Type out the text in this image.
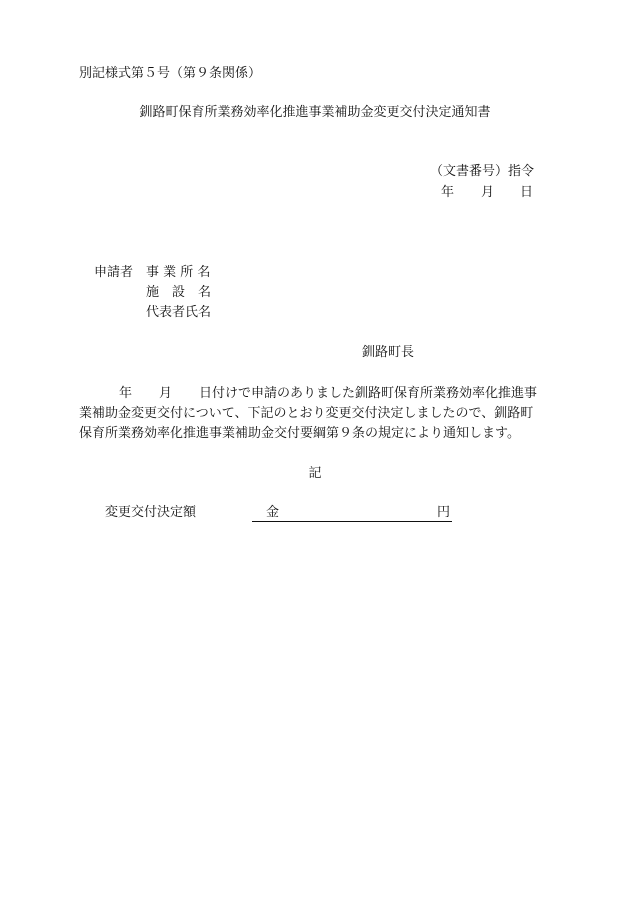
別記様式第５号（第９条関係）
釧路町保育所業務効率化推進事業補助金変更交付決定通知書
（文書番号）指令
年 月 日
申請者 事 業 所 名
施　設　名
代表者氏名
釧路町長
年 月 日付けで申請のありました釧路町保育所業務効率化推進事
業補助金変更交付について、下記のとおり変更交付決定しましたので、釧路町
保育所業務効率化推進事業補助金交付要綱第９条の規定により通知します。
記
変更交付決定額	金	円
